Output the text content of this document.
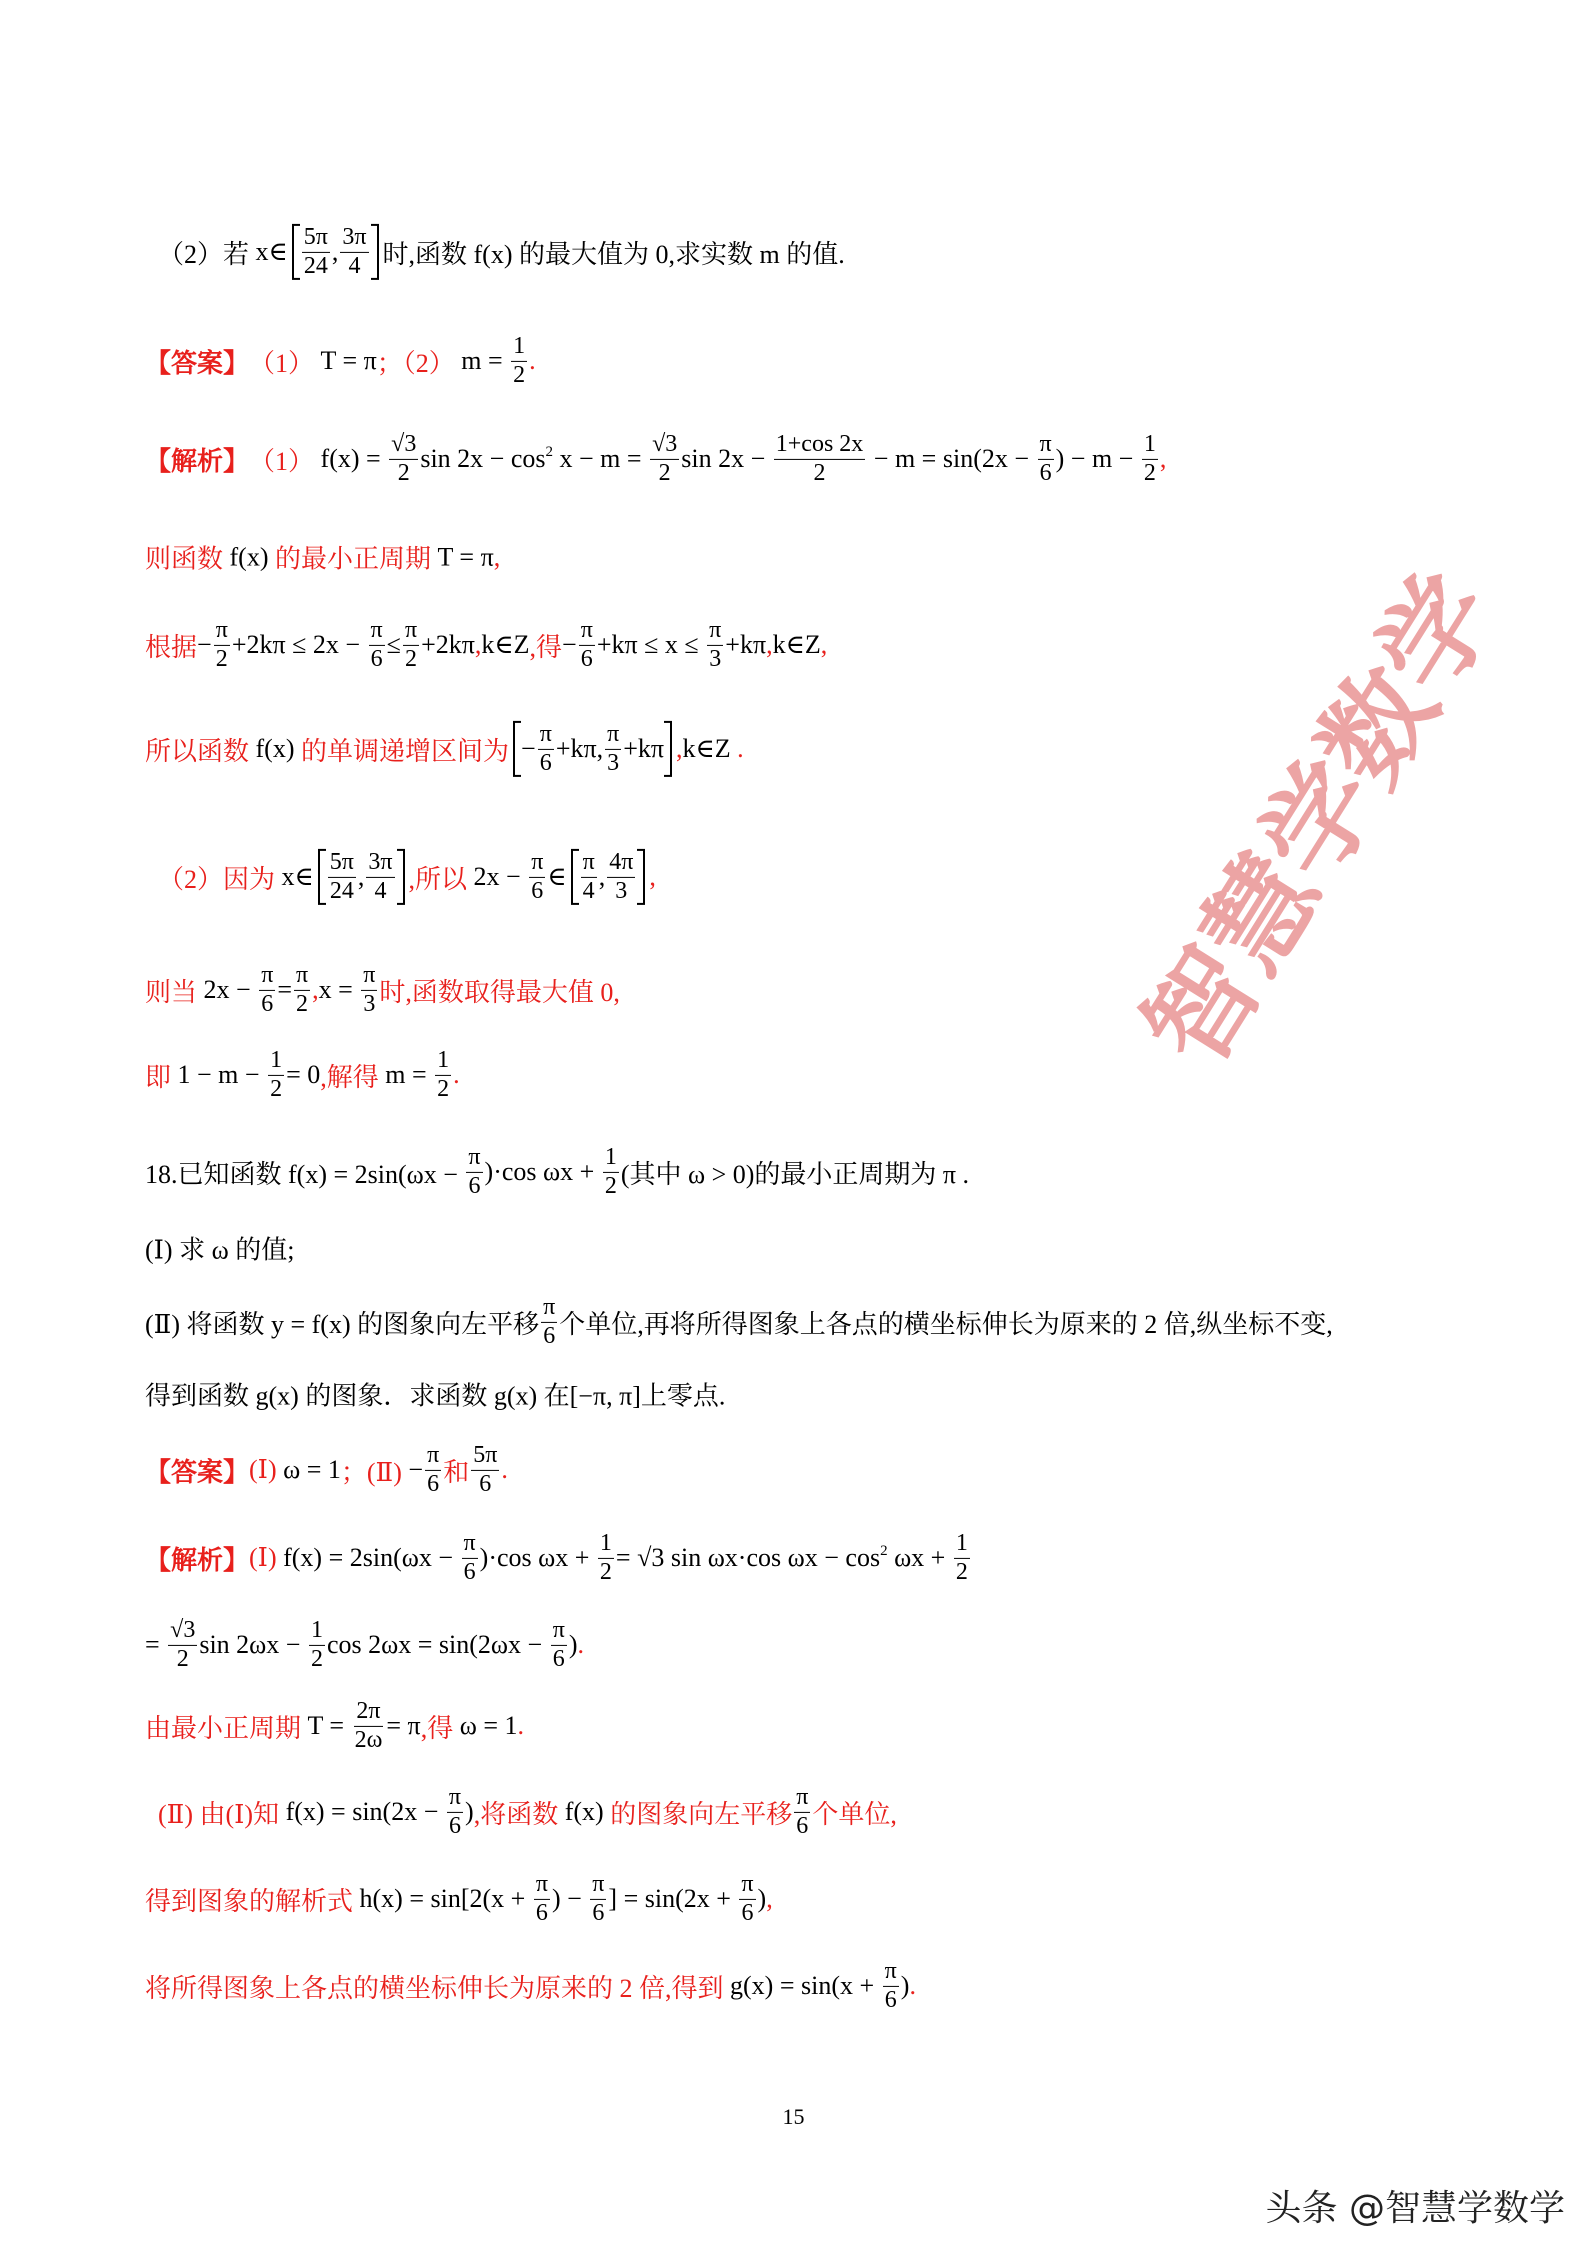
（2）若 x ∈ $\frac{5\pi}{24}$ , $\frac{3\pi}{4}$ 时,函数 f(x) 的最大值为 0,求实数 m 的值.
【答案】 （1） T = π ；（2） $m = \frac{1}{2}$ .
【解析】 （1） $f(x) = \frac{√3}{2}$ sin 2x − cos 2 $x - m = \frac{√3}{2}$ $\sin 2x - \frac{1+\cos 2x}{2} - m = \sin(2x - \frac{\pi}{6}$ ) − $m - \frac{1}{2}$ ,
则函数 f(x) 的最小正周期 T = π ,
根据 − $\frac{\pi}{2} +2k\pi \le 2x - \frac{\pi}{6} \le \frac{\pi}{2} +2k\pi$ , k∈Z ,得 − $\frac{\pi}{6} +k\pi \le x \le \frac{\pi}{3} +k\pi$ , k∈Z ,
所以函数 f(x) 的单调递增区间为 − $\frac{\pi}{6} +k\pi$, $\frac{\pi}{3} +k\pi$ , k∈Z .
（2）因为 x∈ $\frac{5\pi}{24}$ , $\frac{3\pi}{4}$ ,所以 $2x - \frac{\pi}{6}$ ∈ $\frac{\pi}{4}$ , $\frac{4\pi}{3}$ ,
则当 $2x - \frac{\pi}{6} = \frac{\pi}{2}$ , $x = \frac{\pi}{3}$ 时,函数取得最大值 0,
即 $1 - m - \frac{1}{2} = 0$ ,解得 $m = \frac{1}{2}$ .
18.已知函数 $f(x) = 2\sin(\omega x - \frac{\pi}{6} )\cdot\cos$ $\omega x + \frac{1}{2}$ (其中 ω > 0)的最小正周期为 π .
(Ⅰ) 求 ω 的值;
(Ⅱ) 将函数 y = f(x) 的图象向左平移 $\frac{\pi}{6}$ 个单位,再将所得图象上各点的横坐标伸长为原来的 2 倍,纵坐标不变,
得到函数 g(x) 的图象．求函数 g(x) 在[−π, π]上零点.
【答案】 (Ⅰ) ω = 1 ；(Ⅱ) − $\frac{\pi}{6}$ 和 $\frac{5\pi}{6}$ .
【解析】 (Ⅰ) $f(x) = 2\sin(\omega x - \frac{\pi}{6} )\cdot\cos$ $\omega x + \frac{1}{2} = √3$ sin ωx·cos ωx − cos 2 $\omega x + \frac{1}{2}$
= $\frac{√3}{2}$ $\sin 2\omega x - \frac{1}{2}$ $\cos 2\omega x = \sin(2\omega x - \frac{\pi}{6}$ ) .
由最小正周期 $T = \frac{2\pi}{2\omega} = \pi$ ,得 ω = 1 .
(Ⅱ) 由(Ⅰ)知 $f(x) = \sin(2x - \frac{\pi}{6}$ ) ,将函数 f(x) 的图象向左平移 $\frac{\pi}{6}$ 个单位,
得到图象的解析式 $h(x) = \sin[2(x + \frac{\pi}{6}$ ) − $\frac{\pi}{6}$ ] = $\sin(2x + \frac{\pi}{6}$ ) ,
将所得图象上各点的横坐标伸长为原来的 2 倍,得到 $g(x) = \sin(x + \frac{\pi}{6}$ ) .
智慧学数学
15
头条 @智慧学数学
